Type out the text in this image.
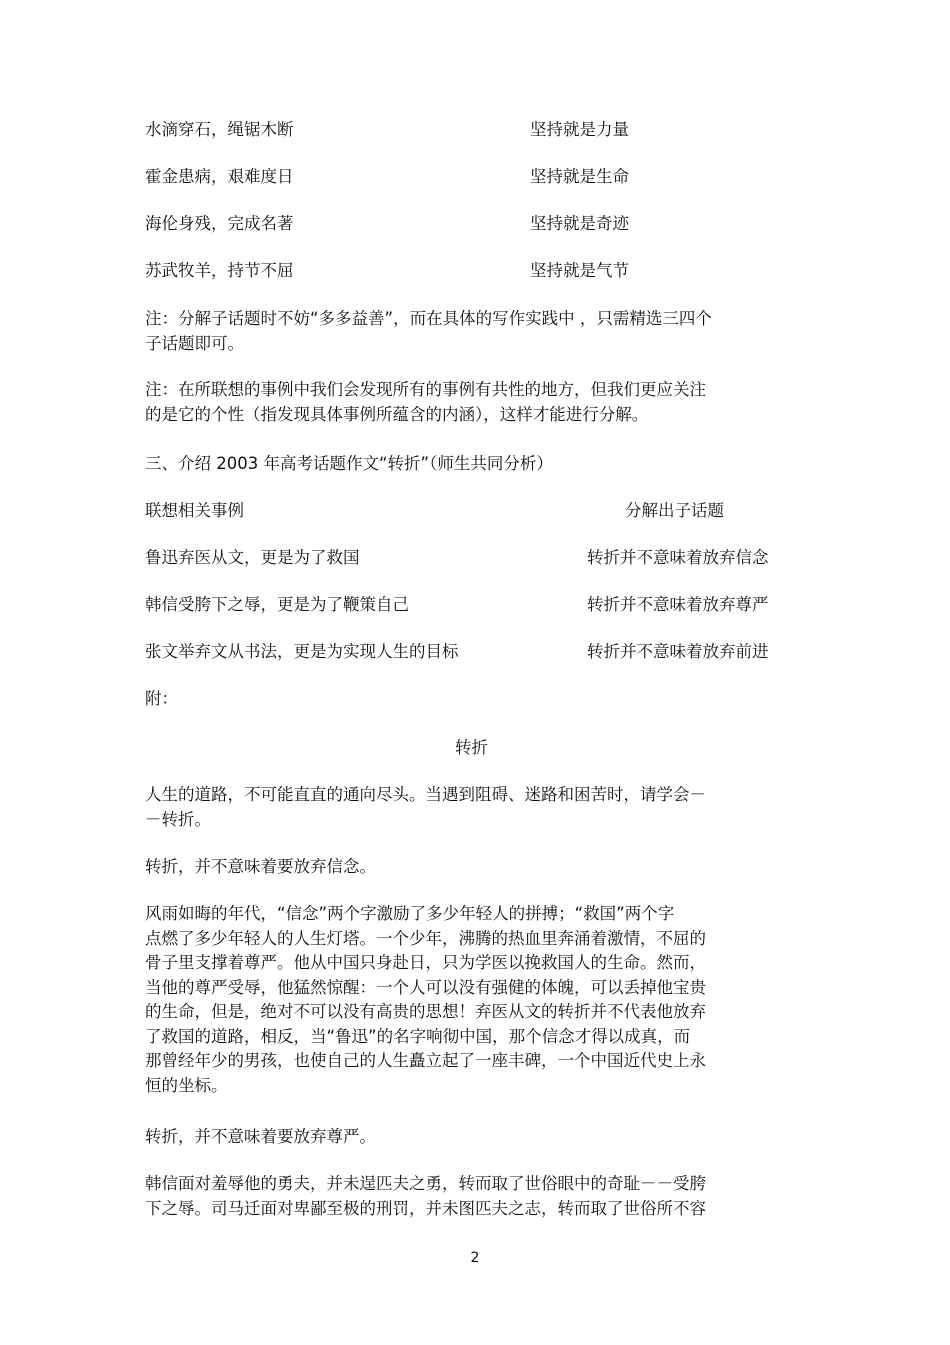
水滴穿石，绳锯木断	坚持就是力量
霍金患病，艰难度日	坚持就是生命
海伦身残，完成名著	坚持就是奇迹
苏武牧羊，持节不屈	坚持就是气节
注：分解子话题时不妨“多多益善”，而在具体的写作实践中 ，只需精选三四个
子话题即可。
注：在所联想的事例中我们会发现所有的事例有共性的地方，但我们更应关注
的是它的个性（指发现具体事例所蕴含的内涵），这样才能进行分解。
三、介绍 2003 年高考话题作文“转折”（师生共同分析）
联想相关事例	分解出子话题
鲁迅弃医从文，更是为了救国	转折并不意味着放弃信念
韩信受胯下之辱，更是为了鞭策自己	转折并不意味着放弃尊严
张文举弃文从书法，更是为实现人生的目标	转折并不意味着放弃前进
附：
转折
人生的道路，不可能直直的通向尽头。当遇到阻碍、迷路和困苦时，请学会－
－转折。
转折，并不意味着要放弃信念。
风雨如晦的年代，“信念”两个字激励了多少年轻人的拼搏；“救国”两个字
点燃了多少年轻人的人生灯塔。一个少年，沸腾的热血里奔涌着激情，不屈的
骨子里支撑着尊严。他从中国只身赴日，只为学医以挽救国人的生命。然而，
当他的尊严受辱，他猛然惊醒：一个人可以没有强健的体魄，可以丢掉他宝贵
的生命，但是，绝对不可以没有高贵的思想！弃医从文的转折并不代表他放弃
了救国的道路，相反，当“鲁迅”的名字响彻中国，那个信念才得以成真，而
那曾经年少的男孩，也使自己的人生矗立起了一座丰碑，一个中国近代史上永
恒的坐标。
转折，并不意味着要放弃尊严。
韩信面对羞辱他的勇夫，并未逞匹夫之勇，转而取了世俗眼中的奇耻－－受胯
下之辱。司马迁面对卑鄙至极的刑罚，并未图匹夫之志，转而取了世俗所不容
2
